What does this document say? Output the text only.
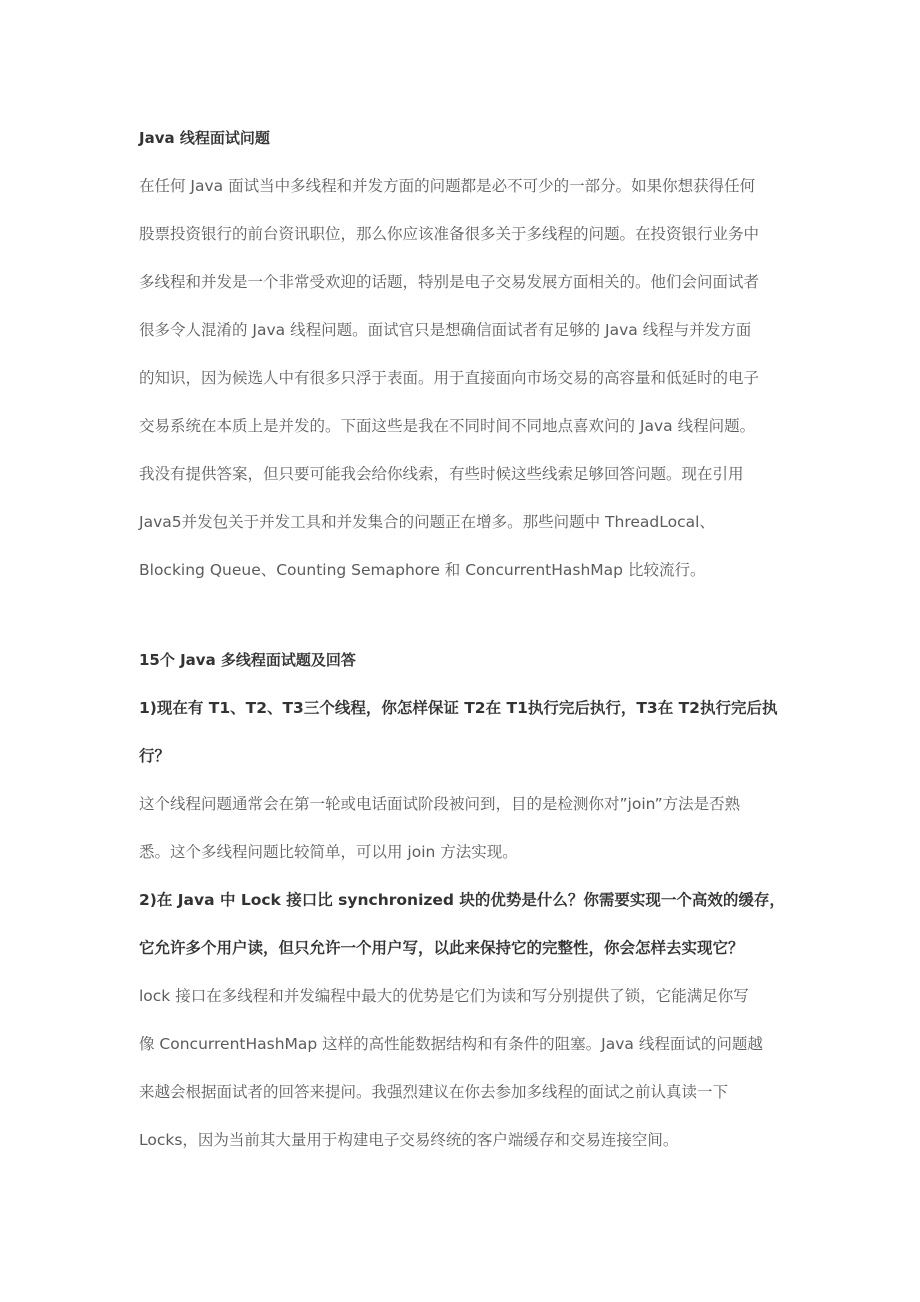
Java 线程面试问题
在任何 Java 面试当中多线程和并发方面的问题都是必不可少的一部分。如果你想获得任何
股票投资银行的前台资讯职位，那么你应该准备很多关于多线程的问题。在投资银行业务中
多线程和并发是一个非常受欢迎的话题，特别是电子交易发展方面相关的。他们会问面试者
很多令人混淆的 Java 线程问题。面试官只是想确信面试者有足够的 Java 线程与并发方面
的知识，因为候选人中有很多只浮于表面。用于直接面向市场交易的高容量和低延时的电子
交易系统在本质上是并发的。下面这些是我在不同时间不同地点喜欢问的 Java 线程问题。
我没有提供答案，但只要可能我会给你线索，有些时候这些线索足够回答问题。现在引用
Java5并发包关于并发工具和并发集合的问题正在增多。那些问题中 ThreadLocal、
Blocking Queue、Counting Semaphore 和 ConcurrentHashMap 比较流行。
15个 Java 多线程面试题及回答
1)现在有 T1、T2、T3三个线程，你怎样保证 T2在 T1执行完后执行，T3在 T2执行完后执
行？
这个线程问题通常会在第一轮或电话面试阶段被问到，目的是检测你对”join”方法是否熟
悉。这个多线程问题比较简单，可以用 join 方法实现。
2)在 Java 中 Lock 接口比 synchronized 块的优势是什么？你需要实现一个高效的缓存，
它允许多个用户读，但只允许一个用户写，以此来保持它的完整性，你会怎样去实现它？
lock 接口在多线程和并发编程中最大的优势是它们为读和写分别提供了锁，它能满足你写
像 ConcurrentHashMap 这样的高性能数据结构和有条件的阻塞。Java 线程面试的问题越
来越会根据面试者的回答来提问。我强烈建议在你去参加多线程的面试之前认真读一下
Locks，因为当前其大量用于构建电子交易终统的客户端缓存和交易连接空间。
